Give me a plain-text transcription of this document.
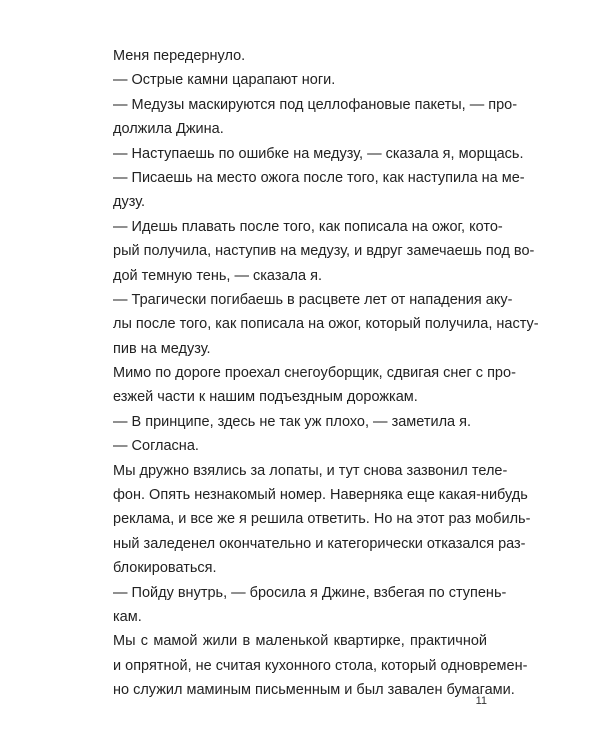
Меня передернуло.
— Острые камни царапают ноги.
— Медузы маскируются под целлофановые пакеты, — про-
должила Джина.
— Наступаешь по ошибке на медузу, — сказала я, морщась.
— Писаешь на место ожога после того, как наступила на ме-
дузу.
— Идешь плавать после того, как пописала на ожог, кото-
рый получила, наступив на медузу, и вдруг замечаешь под во-
дой темную тень, — сказала я.
— Трагически погибаешь в расцвете лет от нападения аку-
лы после того, как пописала на ожог, который получила, насту-
пив на медузу.
Мимо по дороге проехал снегоуборщик, сдвигая снег с про-
езжей части к нашим подъездным дорожкам.
— В принципе, здесь не так уж плохо, — заметила я.
— Согласна.
Мы дружно взялись за лопаты, и тут снова зазвонил теле-
фон. Опять незнакомый номер. Наверняка еще какая-нибудь
реклама, и все же я решила ответить. Но на этот раз мобиль-
ный заледенел окончательно и категорически отказался раз-
блокироваться.
— Пойду внутрь, — бросила я Джине, взбегая по ступень-
кам.
Мы с мамой жили в маленькой квартирке, практичной
и опрятной, не считая кухонного стола, который одновремен-
но служил маминым письменным и был завален бумагами.
11
